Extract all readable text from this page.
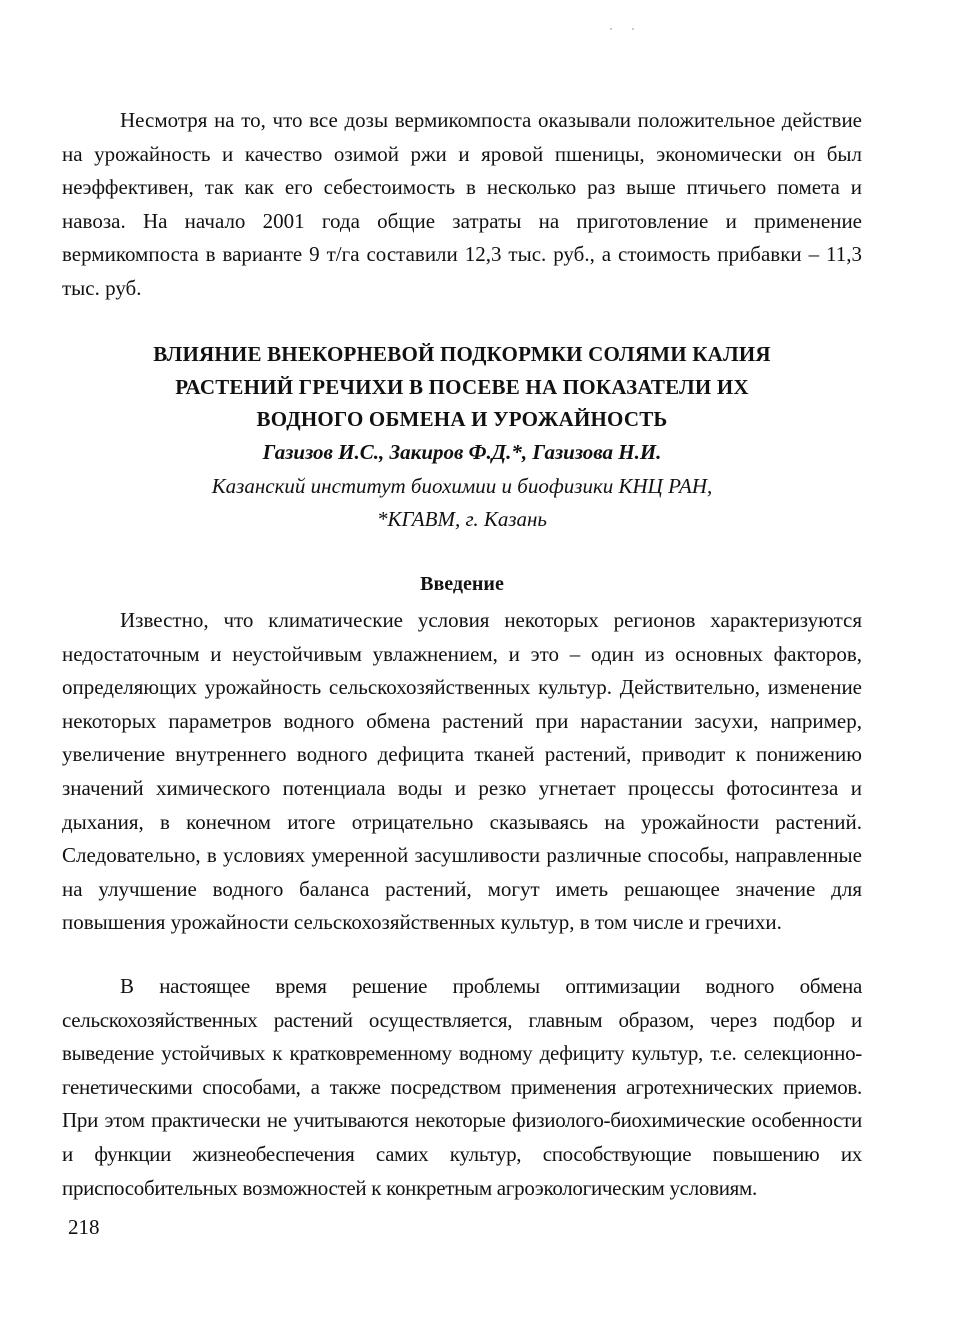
Несмотря на то, что все дозы вермикомпоста оказывали положительное действие на урожайность и качество озимой ржи и яровой пшеницы, экономически он был неэффективен, так как его себестоимость в несколько раз выше птичьего помета и навоза. На начало 2001 года общие затраты на приготовление и применение вермикомпоста в варианте 9 т/га составили 12,3 тыс. руб., а стоимость прибавки – 11,3 тыс. руб.

ВЛИЯНИЕ ВНЕКОРНЕВОЙ ПОДКОРМКИ СОЛЯМИ КАЛИЯ
РАСТЕНИЙ ГРЕЧИХИ В ПОСЕВЕ НА ПОКАЗАТЕЛИ ИХ
ВОДНОГО ОБМЕНА И УРОЖАЙНОСТЬ
Газизов И.С., Закиров Ф.Д.*, Газизова Н.И.
Казанский институт биохимии и биофизики КНЦ РАН,
*КГАВМ, г. Казань
Введение

Известно, что климатические условия некоторых регионов характеризуются недостаточным и неустойчивым увлажнением, и это – один из основных факторов, определяющих урожайность сельскохозяйственных культур. Действительно, изменение некоторых параметров водного обмена растений при нарастании засухи, например, увеличение внутреннего водного дефицита тканей растений, приводит к понижению значений химического потенциала воды и резко угнетает процессы фотосинтеза и дыхания, в конечном итоге отрицательно сказываясь на урожайности растений. Следовательно, в условиях умеренной засушливости различные способы, направленные на улучшение водного баланса растений, могут иметь решающее значение для повышения урожайности сельскохозяйственных культур, в том числе и гречихи.

В настоящее время решение проблемы оптимизации водного обмена сельскохозяйственных растений осуществляется, главным образом, через подбор и выведение устойчивых к кратковременному водному дефициту культур, т.е. селекционно-генетическими способами, а также посредством применения агротехнических приемов. При этом практически не учитываются некоторые физиолого-биохимические особенности и функции жизнеобеспечения самих культур, способствующие повышению их приспособительных возможностей к конкретным агроэкологическим условиям.

218
